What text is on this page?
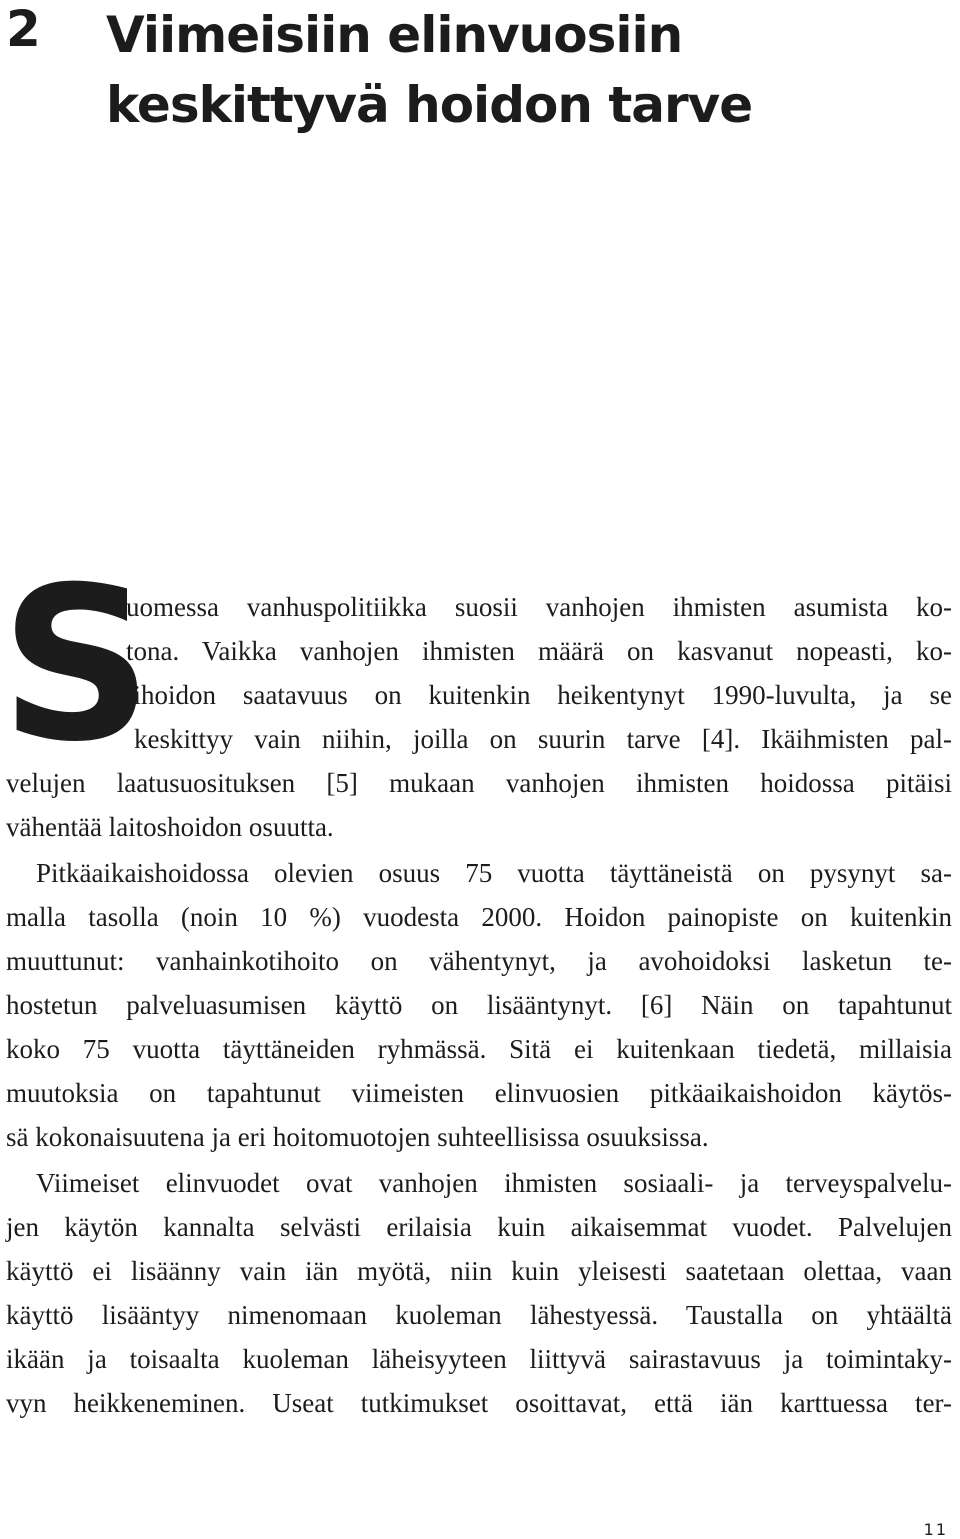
2 Viimeisiin elinvuosiin
keskittyvä hoidon tarve
S
uomessa vanhuspolitiikka suosii vanhojen ihmisten asumista ko-
tona. Vaikka vanhojen ihmisten määrä on kasvanut nopeasti, ko-
tihoidon saatavuus on kuitenkin heikentynyt 1990-luvulta, ja se
keskittyy vain niihin, joilla on suurin tarve [4]. Ikäihmisten pal-
velujen laatusuosituksen [5] mukaan vanhojen ihmisten hoidossa pitäisi
vähentää laitoshoidon osuutta.
Pitkäaikaishoidossa olevien osuus 75 vuotta täyttäneistä on pysynyt sa-
malla tasolla (noin 10 %) vuodesta 2000. Hoidon painopiste on kuitenkin
muuttunut: vanhainkotihoito on vähentynyt, ja avohoidoksi lasketun te-
hostetun palveluasumisen käyttö on lisääntynyt. [6] Näin on tapahtunut
koko 75 vuotta täyttäneiden ryhmässä. Sitä ei kuitenkaan tiedetä, millaisia
muutoksia on tapahtunut viimeisten elinvuosien pitkäaikaishoidon käytös-
sä kokonaisuutena ja eri hoitomuotojen suhteellisissa osuuksissa.
Viimeiset elinvuodet ovat vanhojen ihmisten sosiaali- ja terveyspalvelu-
jen käytön kannalta selvästi erilaisia kuin aikaisemmat vuodet. Palvelujen
käyttö ei lisäänny vain iän myötä, niin kuin yleisesti saatetaan olettaa, vaan
käyttö lisääntyy nimenomaan kuoleman lähestyessä. Taustalla on yhtäältä
ikään ja toisaalta kuoleman läheisyyteen liittyvä sairastavuus ja toimintaky-
vyn heikkeneminen. Useat tutkimukset osoittavat, että iän karttuessa ter-
11
